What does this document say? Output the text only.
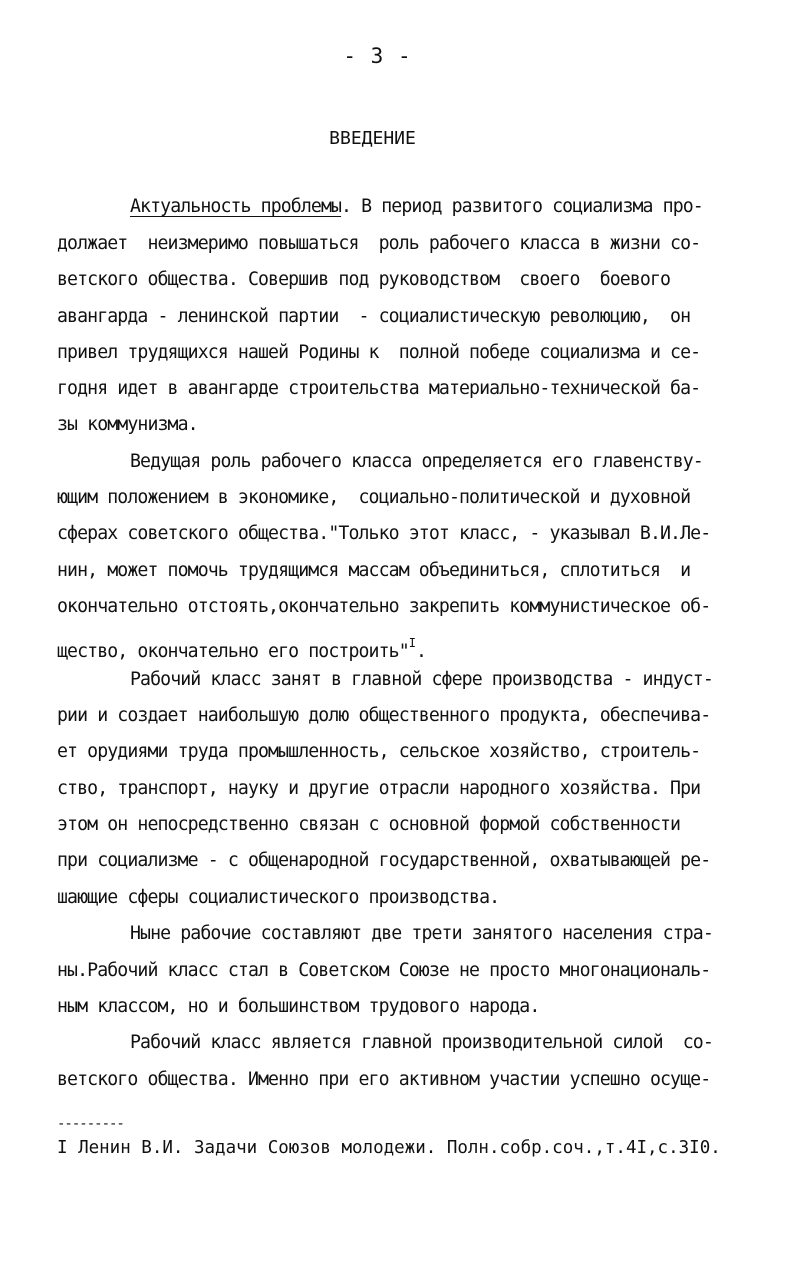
- 3 -
ВВЕДЕНИЕ
Актуальность проблемы. В период развитого социализма про-
должает  неизмеримо повышаться  роль рабочего класса в жизни со-
ветского общества. Совершив под руководством  своего  боевого
авангарда - ленинской партии  - социалистическую революцию,  он
привел трудящихся нашей Родины к  полной победе социализма и се-
годня идет в авангарде строительства материально-технической ба-
зы коммунизма.
Ведущая роль рабочего класса определяется его главенству-
ющим положением в экономике,  социально-политической и духовной
сферах советского общества."Только этот класс, - указывал В.И.Ле-
нин, может помочь трудящимся массам объединиться, сплотиться  и
окончательно отстоять,окончательно закрепить коммунистическое об-
щество, окончательно его построить"$^I$.
Рабочий класс занят в главной сфере производства - индуст-
рии и создает наибольшую долю общественного продукта, обеспечива-
ет орудиями труда промышленность, сельское хозяйство, строитель-
ство, транспорт, науку и другие отрасли народного хозяйства. При
этом он непосредственно связан с основной формой собственности
при социализме - с общенародной государственной, охватывающей ре-
шающие сферы социалистического производства.
Ныне рабочие составляют две трети занятого населения стра-
ны.Рабочий класс стал в Советском Союзе не просто многонациональ-
ным классом, но и большинством трудового народа.
Рабочий класс является главной производительной силой  со-
ветского общества. Именно при его активном участии успешно осуще-
---------
I Ленин В.И. Задачи Союзов молодежи. Полн.собр.соч.,т.4I,с.3I0.
